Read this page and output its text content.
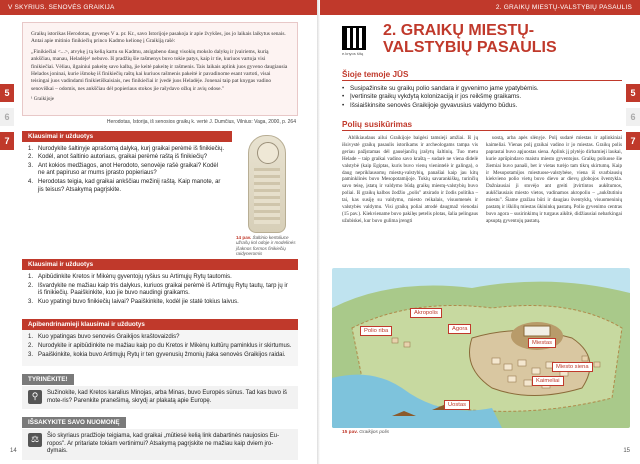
V SKYRIUS. SENOVĖS GRAIKIJA
5
6
7

Graikų istorikas Herodotas, gyvenęs V a. pr. Kr., savo Istorijoje pasakoja ir apie žvykšes, jos jo laikais laikytus senais. Antai apie mitinio finikiečių princo Kadmo kelionę į Graikiją rašė:

„Finikiečiai <...>, atvykę į tą kelią kartu su Kadmu, atsigabeno daug visokių mokslo dalykų ir įvairiems, kurią ankščiau, manau, Heladėje¹ nebuvo. Iš pradžių šie rašmenys buvo tokie patys, kaip ir tie, kuriuos vartoja visi finikiečiai. Vėliau, ilgainiui pakeitę savo kalbą, jie keitė pakeitę ir rašmenis. Tais laikais aplink juos gyveno daugiausia Helados joninai, kurie išmokę iš finikiečių raštų kai kuriuos rašmenis pakeitė ir pavadinome esant vartoti, visai teisingai juos vadindami finikietiškaisiais, nes finikiečiai ir įvedė juos Heladėje. Jonenai taip pat knygas vadino senoviškai – odomis, nes ankščiau dėl popieriaus stokos jie rašydavo ožkų ir avių odose."

¹ Graikijoje

Herodotas, Istorija, iš senosios graikų k. vertė J. Dumčius, Vilnius: Vaga, 2000, p. 264
Klausimai ir užduotys
1. Nurodykite šaltinyje aprašomą dalyką, kurį graikai perėmė iš finikiečių.
2. Kodėl, anot šaltinio autoriaus, graikai perėmė raštą iš finikiečių?
3. Ant kokios medžiagos, anot Herodoto, senovėje rašė graikai? Kodėl ne ant papiruso ar mums įprasto popieriaus?
4. Herodotas teigia, kad graikai ankščiau mežiniį raštą. Kaip manote, ar jis teisus? Atsakymą pagrįskite.
14 pav. Šaltinio kertoliuce užrašų kol odoje ir modelinės įšaknos formos finikiečių raidyneromis
Klausimai ir užduotys
1. Apibūdinkite Kretos ir Mikėnų gyventojų ryšius su Artimųjų Rytų tautomis.
2. Išvardykite ne mažiau kaip tris dalykus, kuriuos graikai perėmė iš Artimųjų Rytų tautų, tarp jų ir iš finikiečių. Paaiškinkite, kuo jie buvo naudingi graikams.
3. Kuo ypatingi buvo finikiečių laivai? Paaiškinkite, kodėl jie statė tokius laivus.
Apibendrinamieji klausimai ir užduotys
1. Kuo ypatingas buvo senovės Graikijos kraštovaizdis?
2. Nurodykite ir apibūdinkite ne mažiau kaip po du Kretos ir Mikėnų kultūrų paminklus ir skirtumus.
3. Paaiškinkite, kokia buvo Artimųjų Rytų ir ten gyvenusių žmonių įtaka senovės Graikijos raidai.
TYRINĖKITE!
⚲	Sužinokite, kad Kretos karalius Minojas, arba Minas, buvo Europės sūnus. Tad kas buvo iš mote-ris? Parenkite pranešimą, skrydį ar plakatą apie Europę.
IŠSAKYKITE SAVO NUOMONĘ
⚖	Šio skyriaus pradžioje teigiama, kad graikai „mūtiesė kelią link dabartinės naujosios Eu-ropos". Ar pritariate tokiam vertinimui? Atsakymą pagrįskite ne mažiau kaip dviem įro-dymais.
14
2. GRAIKŲ MIESTŲ-VALSTYBIŲ PASAULIS
5
6
7
e.knyos šitą
2. GRAIKŲ MIESTŲ-VALSTYBIŲ PASAULIS
Šioje temoje JŪS
• Susipažinsite su graikų polio sandara ir gyvenimo jame ypatybėmis.
• Įvertinsite graikų vykdytą kolonizaciją ir jos reikšmę graikams.
• Išsiaiškinsite senovės Graikijoje gyvavusius valdymo būdus.
Polių susikūrimas

Ablikiaudaus ailui Graikijoje baigėsi tamsieji amžiai. Iš jų išsivystė graikų pasaulis istorikams ir archeologams tampa vis geriau pažįstamas dėl gausėjančių įrašytų šaltinių. Tuo metu Helade – taip graikai vadino savo kraštą – sudarė ne viena didelė valstybė (kaip Egiptas, kuris buvo vienų vienintelė ir galinga), o daug nepriklausomų miestų-valstybių, panašiai kaip jau kitų paminklinės buvo Mesopotamijoje. Tokių savarankiškų, turinčių savo teisę, įstatų ir valdymo būdą graikų miestų-valstybių buvo poliai. Iš graikų kalbos žodžio „polis" atsirado ir žodis politika – tai, kas susiję su valdymu, miesto reikalais, visuomenės ir valstybės valdymu. Visi graikų poliai atrodė daugmaž vienodai (15 pav.). Kiekviename buvo pakilęs petelis plotas, šalia pelingaus užubiskei, kur buvo gulima įrengti

uostą, arba apės slėnyje. Polį sudarė miestas ir aplinkiniai kaimeliai. Vienas polį graikai vadino ir jo miestas. Graikų polis paprastai buvo apjuostas siena. Aplink jį plytėjo dirbamieji laukai, kurie aprūpindavo maistu miesto gyventojus. Graikų poliuose šie žiemiai buvo panaši, bet ir vietas turėjo tam tikrų skirtumų. Kaip ir Mesopotamijos miestuose-valstybėse, viena iš svarbiausių kiekvieno polio vietų buvo dievo ar dievų globojos šventykla. Dažniausiai ji stovėjo ant greiti įtvirtintos aukštumos, aukščiausiais miesto vietos, vadinamos akropoliu – „aukštutiniu miestu". Šiame gražiau būti ir daugiau šventyklų, visuomeninių pastatų ir iškilių miestas ūkininkų pastatų. Polio gyvenimo centras buvo agora – susirinkimų ir turgaus aikštė, didžiausiai nebarkingai apsuptą gyventojų pastatų.

Akropolis
Polio riba	Agora
Miestas
Miesto siena
Kaimeliai
Uostas
15 pav. Graikijos polis
15
